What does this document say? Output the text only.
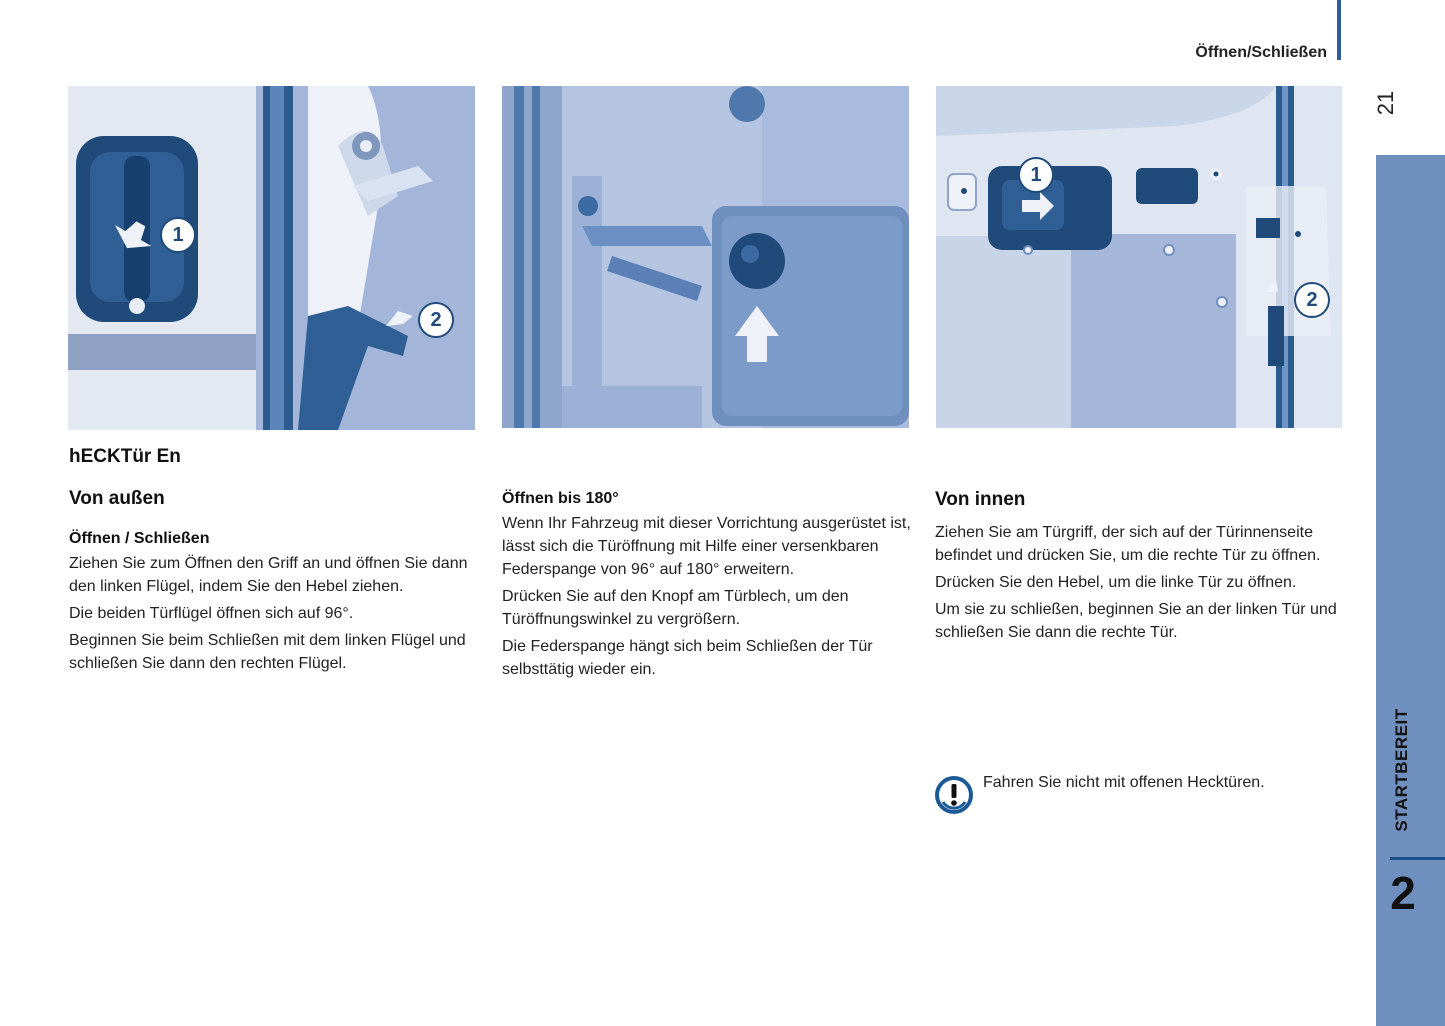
Öffnen/Schließen
21
STARTBEREIT
2
1
2
1
2
hECKTür En
Von außen
Öffnen / Schließen

Ziehen Sie zum Öffnen den Griff an und öffnen Sie dann den linken Flügel, indem Sie den Hebel ziehen.

Die beiden Türflügel öffnen sich auf 96°.

Beginnen Sie beim Schließen mit dem linken Flügel und schließen Sie dann den rechten Flügel.

Öffnen bis 180°

Wenn Ihr Fahrzeug mit dieser Vorrichtung ausgerüstet ist, lässt sich die Türöffnung mit Hilfe einer versenkbaren Federspange von 96° auf 180° erweitern.

Drücken Sie auf den Knopf am Türblech, um den Türöffnungswinkel zu vergrößern.

Die Federspange hängt sich beim Schließen der Tür selbsttätig wieder ein.

Von innen

Ziehen Sie am Türgriff, der sich auf der Türinnenseite befindet und drücken Sie, um die rechte Tür zu öffnen.

Drücken Sie den Hebel, um die linke Tür zu öffnen.

Um sie zu schließen, beginnen Sie an der linken Tür und schließen Sie dann die rechte Tür.

Fahren Sie nicht mit offenen Hecktüren.
